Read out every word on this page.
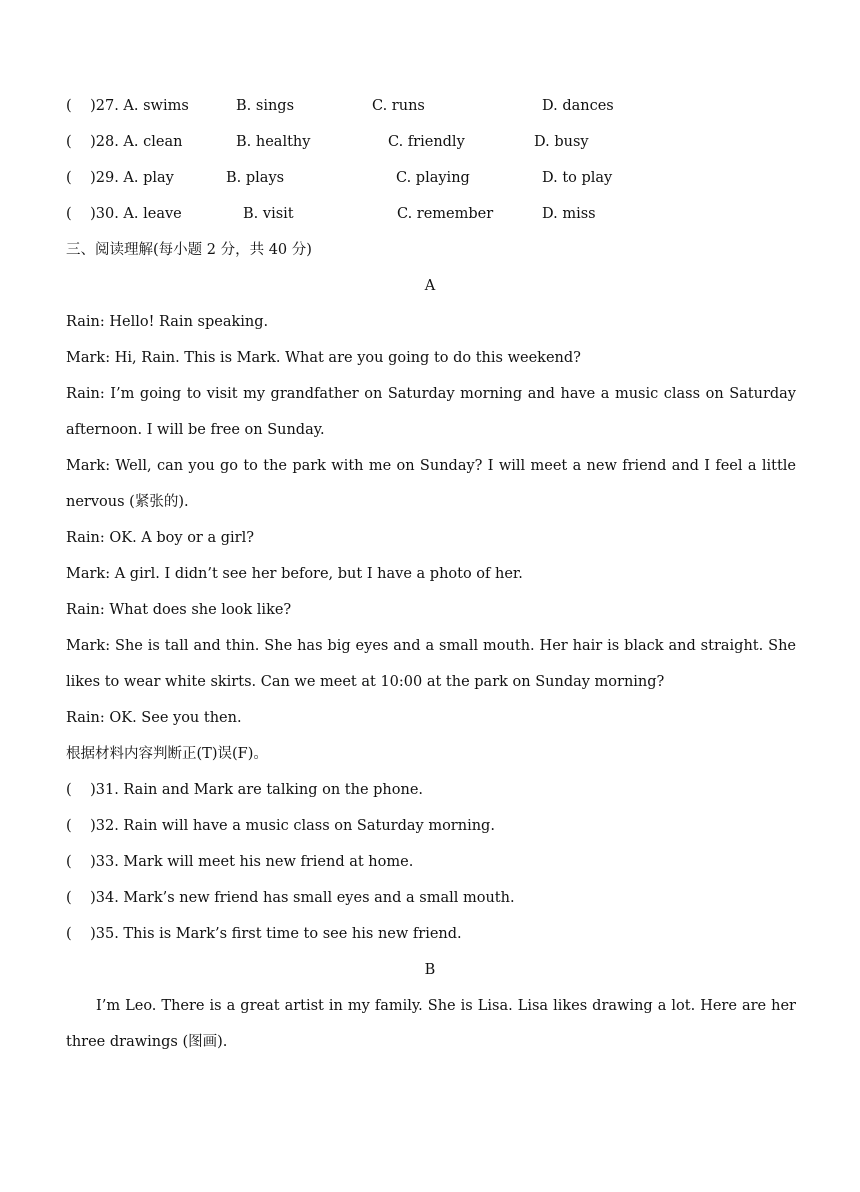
(    )27. A. swims	B. sings	C. runs	D. dances
(    )28. A. clean	B. healthy	C. friendly	D. busy
(    )29. A. play	B. plays	C. playing	D. to play
(    )30. A. leave	B. visit	C. remember	D. miss
三、阅读理解(每小题 2 分，共 40 分)
A
Rain: Hello! Rain speaking.
Mark: Hi, Rain. This is Mark. What are you going to do this weekend?
Rain: I’m going to visit my grandfather on Saturday morning and have a music class on Saturday afternoon. I will be free on Sunday.
Mark: Well, can you go to the park with me on Sunday? I will meet a new friend and I feel a little nervous (紧张的).
Rain: OK. A boy or a girl?
Mark: A girl. I didn’t see her before, but I have a photo of her.
Rain: What does she look like?
Mark: She is tall and thin. She has big eyes and a small mouth. Her hair is black and straight. She likes to wear white skirts. Can we meet at 10:00 at the park on Sunday morning?
Rain: OK. See you then.
根据材料内容判断正(T)误(F)。
(    )31. Rain and Mark are talking on the phone.
(    )32. Rain will have a music class on Saturday morning.
(    )33. Mark will meet his new friend at home.
(    )34. Mark’s new friend has small eyes and a small mouth.
(    )35. This is Mark’s first time to see his new friend.
B
I’m Leo. There is a great artist in my family. She is Lisa. Lisa likes drawing a lot. Here are her three drawings (图画).
